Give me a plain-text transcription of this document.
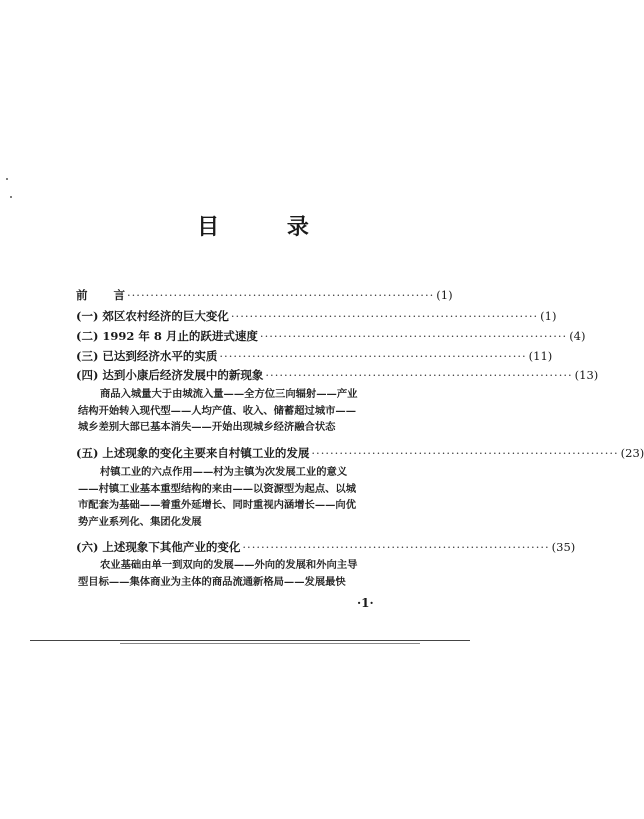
目 录
前 言 ·································································· (1)
(一) 郊区农村经济的巨大变化 ·································································· (1)
(二) 1992 年 8 月止的跃进式速度 ·································································· (4)
(三) 已达到经济水平的实质 ·································································· (11)
(四) 达到小康后经济发展中的新现象 ·································································· (13)
商品入城量大于由城流入量——全方位三向辐射——产业
结构开始转入现代型——人均产值、收入、储蓄超过城市——
城乡差别大部已基本消失——开始出现城乡经济融合状态
(五) 上述现象的变化主要来自村镇工业的发展 ·································································· (23)
村镇工业的六点作用——村为主镇为次发展工业的意义
——村镇工业基本重型结构的来由——以资源型为起点、以城
市配套为基础——着重外延增长、同时重视内涵增长——向优
势产业系列化、集团化发展
(六) 上述现象下其他产业的变化 ·································································· (35)
农业基础由单一到双向的发展——外向的发展和外向主导
型目标——集体商业为主体的商品流通新格局——发展最快
·1·
